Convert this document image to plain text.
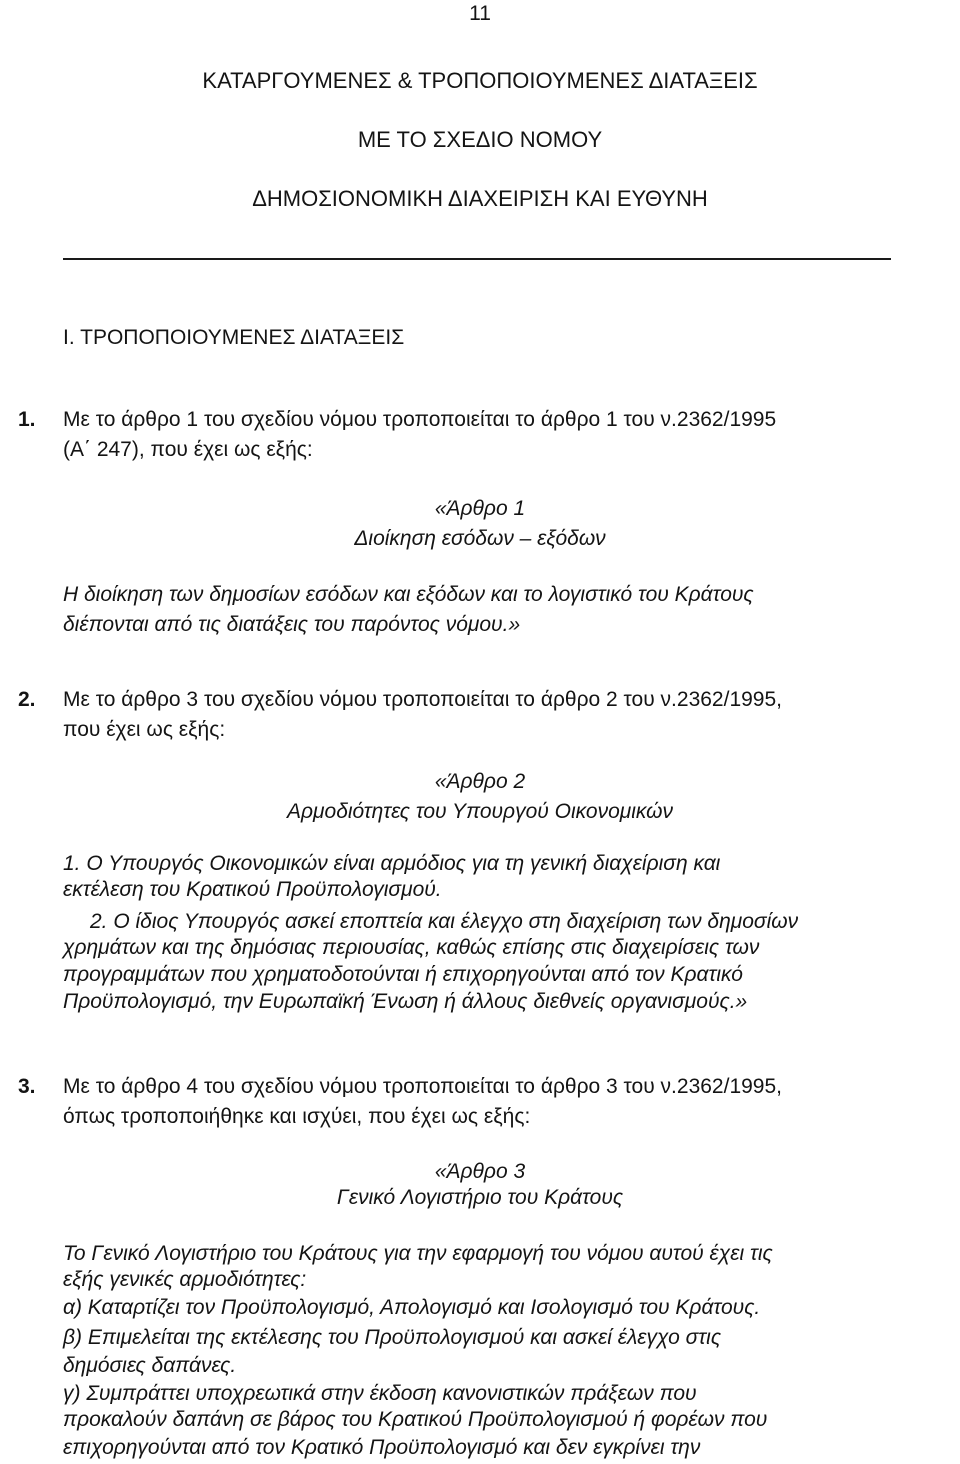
11
ΚΑΤΑΡΓΟΥΜΕΝΕΣ & ΤΡΟΠΟΠΟΙΟΥΜΕΝΕΣ ΔΙΑΤΑΞΕΙΣ
ΜΕ ΤΟ ΣΧΕΔΙΟ ΝΟΜΟΥ
ΔΗΜΟΣΙΟΝΟΜΙΚΗ ΔΙΑΧΕΙΡΙΣΗ ΚΑΙ ΕΥΘΥΝΗ
Ι. ΤΡΟΠΟΠΟΙΟΥΜΕΝΕΣ ΔΙΑΤΑΞΕΙΣ
1. Με το άρθρο 1 του σχεδίου νόμου τροποποιείται το άρθρο 1 του ν.2362/1995
(Α΄ 247), που έχει ως εξής:
«Άρθρο 1
Διοίκηση εσόδων – εξόδων
Η διοίκηση των δημοσίων εσόδων και εξόδων και το λογιστικό του Κράτους
διέπονται από τις διατάξεις του παρόντος νόμου.»
2. Με το άρθρο 3 του σχεδίου νόμου τροποποιείται το άρθρο 2 του ν.2362/1995,
που έχει ως εξής:
«Άρθρο 2
Αρμοδιότητες του Υπουργού Οικονομικών
1. Ο Υπουργός Οικονομικών είναι αρμόδιος για τη γενική διαχείριση και
εκτέλεση του Κρατικού Προϋπολογισμού.
2. Ο ίδιος Υπουργός ασκεί εποπτεία και έλεγχο στη διαχείριση των δημοσίων
χρημάτων και της δημόσιας περιουσίας, καθώς επίσης στις διαχειρίσεις των
προγραμμάτων που χρηματοδοτούνται ή επιχορηγούνται από τον Κρατικό
Προϋπολογισμό, την Ευρωπαϊκή Ένωση ή άλλους διεθνείς οργανισμούς.»
3. Με το άρθρο 4 του σχεδίου νόμου τροποποιείται το άρθρο 3 του ν.2362/1995,
όπως τροποποιήθηκε και ισχύει, που έχει ως εξής:
«Άρθρο 3
Γενικό Λογιστήριο του Κράτους
Το Γενικό Λογιστήριο του Κράτους για την εφαρμογή του νόμου αυτού έχει τις
εξής γενικές αρμοδιότητες:
α) Καταρτίζει τον Προϋπολογισμό, Απολογισμό και Ισολογισμό του Κράτους.
β) Επιμελείται της εκτέλεσης του Προϋπολογισμού και ασκεί έλεγχο στις
δημόσιες δαπάνες.
γ) Συμπράττει υποχρεωτικά στην έκδοση κανονιστικών πράξεων που
προκαλούν δαπάνη σε βάρος του Κρατικού Προϋπολογισμού ή φορέων που
επιχορηγούνται από τον Κρατικό Προϋπολογισμό και δεν εγκρίνει την
